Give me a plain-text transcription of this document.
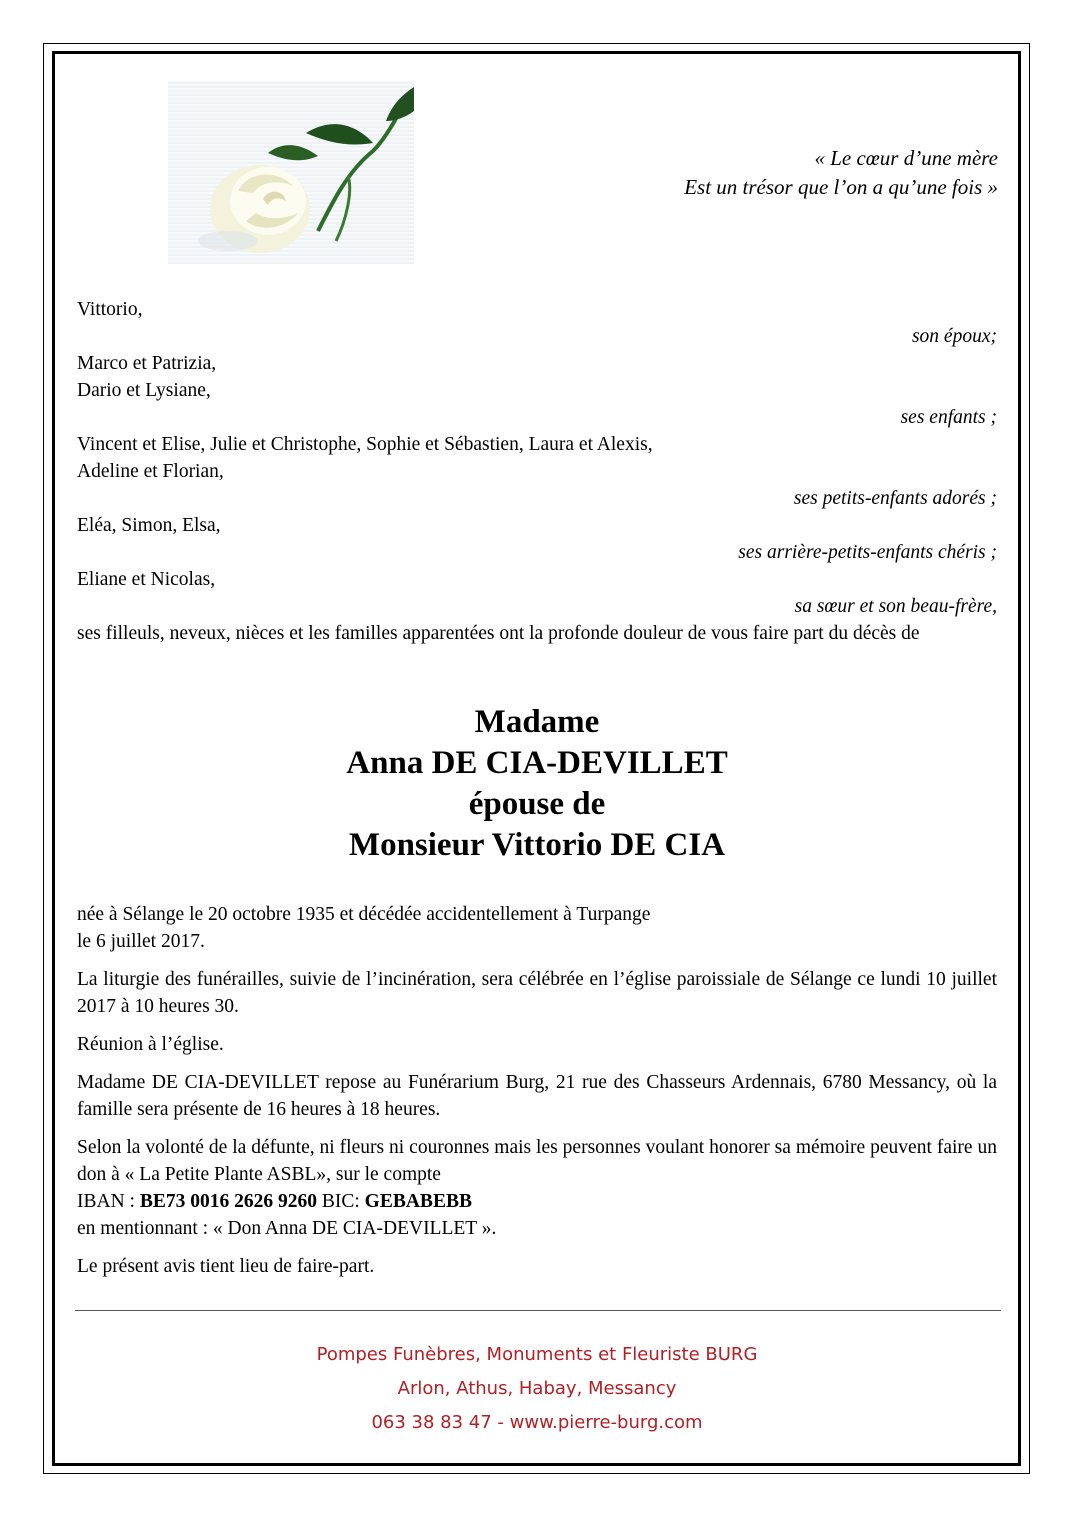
« Le cœur d’une mère
Est un trésor que l’on a qu’une fois »
Vittorio,
son époux;
Marco et Patrizia,
Dario et Lysiane,
ses enfants ;
Vincent et Elise, Julie et Christophe, Sophie et Sébastien, Laura et Alexis,
Adeline et Florian,
ses petits-enfants adorés ;
Eléa, Simon, Elsa,
ses arrière-petits-enfants chéris ;
Eliane et Nicolas,
sa sœur et son beau-frère,
ses filleuls, neveux, nièces et les familles apparentées ont la profonde douleur de vous faire part du décès de
Madame
Anna DE CIA-DEVILLET
épouse de
Monsieur Vittorio DE CIA
née à Sélange le 20 octobre 1935 et décédée accidentellement à Turpange
le 6 juillet 2017.
La liturgie des funérailles, suivie de l’incinération, sera célébrée en l’église paroissiale de Sélange ce lundi 10 juillet 2017 à 10 heures 30.
Réunion à l’église.
Madame DE CIA-DEVILLET repose au Funérarium Burg, 21 rue des Chasseurs Ardennais, 6780 Messancy, où la famille sera présente de 16 heures à 18 heures.
Selon la volonté de la défunte, ni fleurs ni couronnes mais les personnes voulant honorer sa mémoire peuvent faire un don à « La Petite Plante ASBL», sur le compte
IBAN : BE73 0016 2626 9260 BIC: GEBABEBB
en mentionnant : « Don Anna DE CIA-DEVILLET ».
Le présent avis tient lieu de faire-part.
Pompes Funèbres, Monuments et Fleuriste BURG
Arlon, Athus, Habay, Messancy
063 38 83 47 - www.pierre-burg.com
